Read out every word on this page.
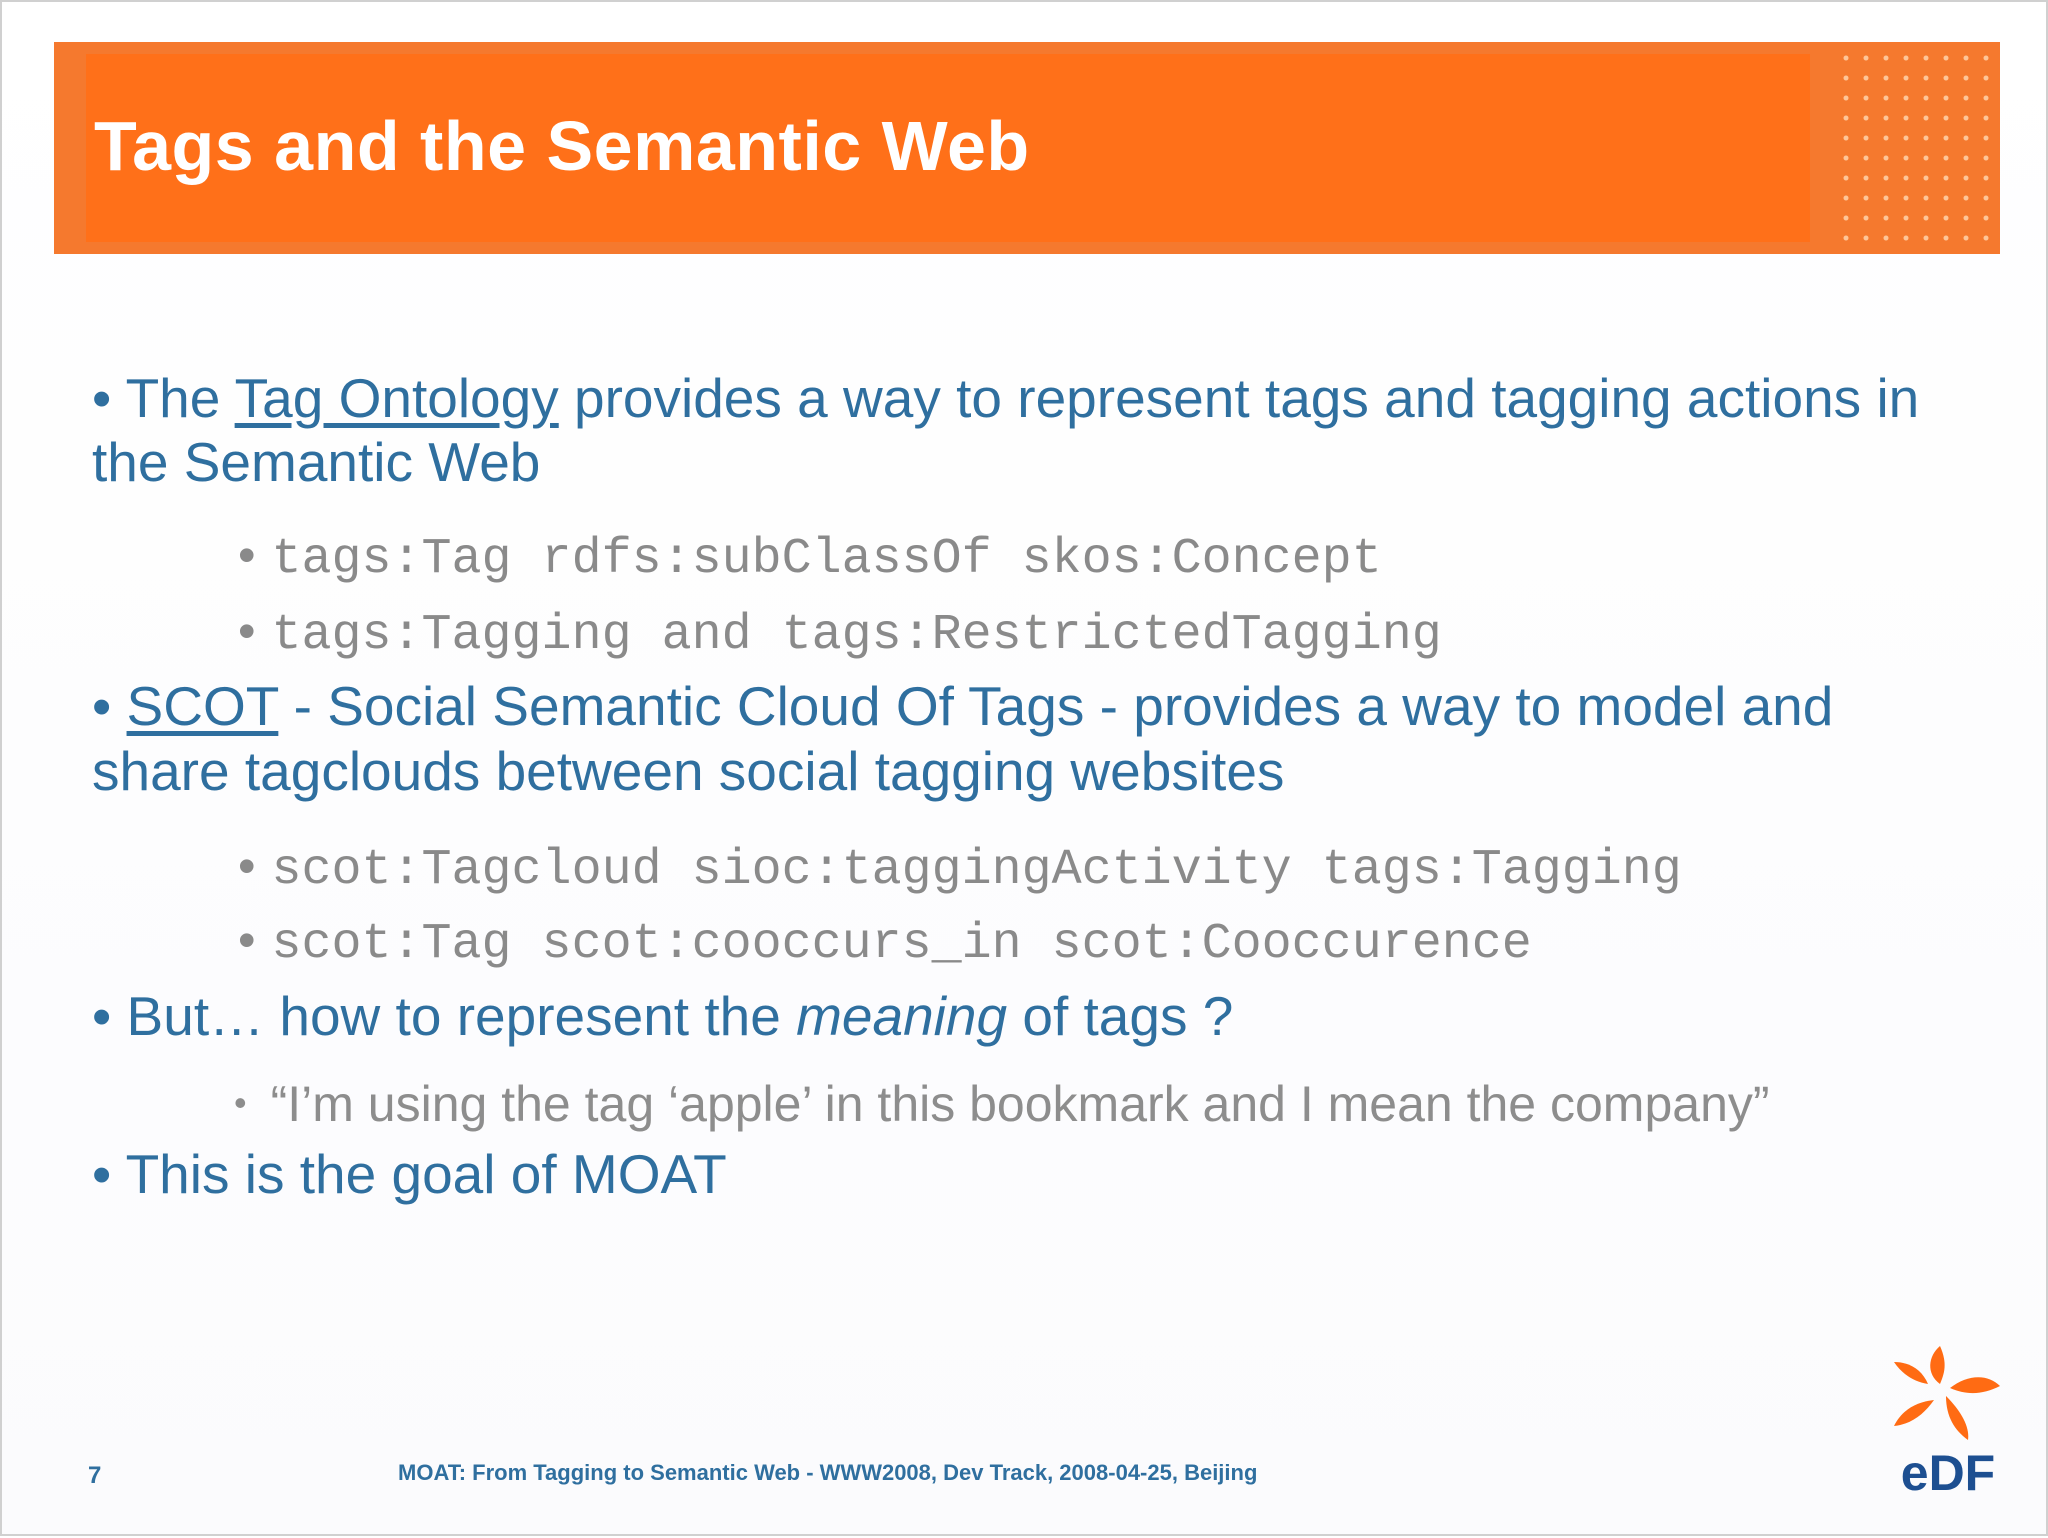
Tags and the Semantic Web
• The Tag Ontology provides a way to represent tags and tagging actions in
the Semantic Web
• tags:Tag rdfs:subClassOf skos:Concept
• tags:Tagging and tags:RestrictedTagging
• SCOT - Social Semantic Cloud Of Tags - provides a way to model and
share tagclouds between social tagging websites
• scot:Tagcloud sioc:taggingActivity tags:Tagging
• scot:Tag scot:cooccurs_in scot:Cooccurence
• But… how to represent the meaning of tags ?
• “I’m using the tag ‘apple’ in this bookmark and I mean the company”
• This is the goal of MOAT
7	MOAT: From Tagging to Semantic Web - WWW2008, Dev Track, 2008-04-25, Beijing	eDF
